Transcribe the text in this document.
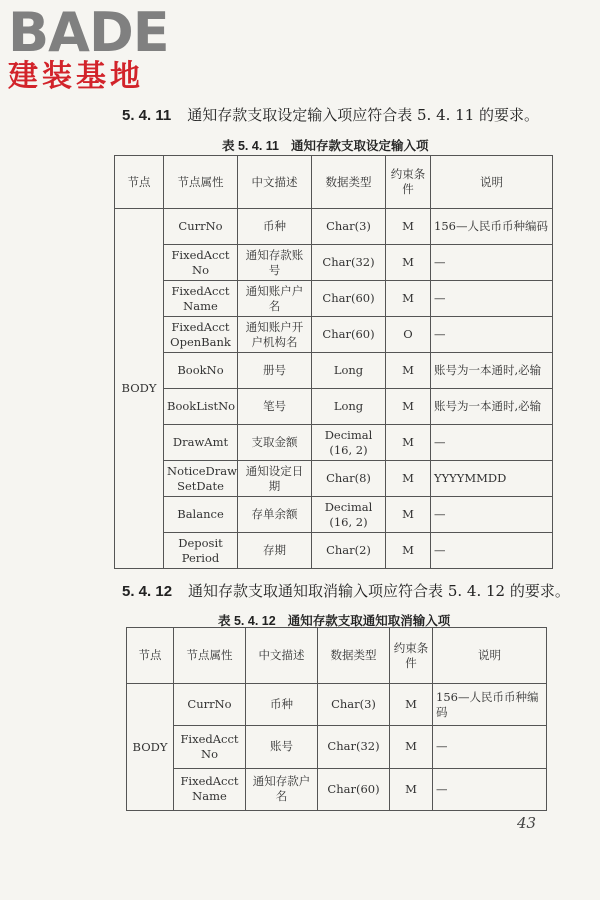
BADE
建装基地
5. 4. 11 通知存款支取设定输入项应符合表 5. 4. 11 的要求。
表 5. 4. 11 通知存款支取设定输入项
节点	节点属性	中文描述	数据类型	约束条件	说明
BODY	CurrNo	币种	Char(3)	M	156—人民币币种编码
	FixedAcct No	通知存款账号	Char(32)	M	—
	FixedAcct Name	通知账户户名	Char(60)	M	—
	FixedAcct OpenBank	通知账户开户机构名	Char(60)	O	—
	BookNo	册号	Long	M	账号为一本通时,必输
	BookListNo	笔号	Long	M	账号为一本通时,必输
	DrawAmt	支取金额	Decimal (16, 2)	M	—
	NoticeDraw SetDate	通知设定日期	Char(8)	M	YYYYMMDD
	Balance	存单余额	Decimal (16, 2)	M	—
	Deposit Period	存期	Char(2)	M	—
5. 4. 12 通知存款支取通知取消输入项应符合表 5. 4. 12 的要求。
表 5. 4. 12 通知存款支取通知取消输入项
节点	节点属性	中文描述	数据类型	约束条件	说明
BODY	CurrNo	币种	Char(3)	M	156—人民币币种编码
	FixedAcct No	账号	Char(32)	M	—
	FixedAcct Name	通知存款户名	Char(60)	M	—
43
